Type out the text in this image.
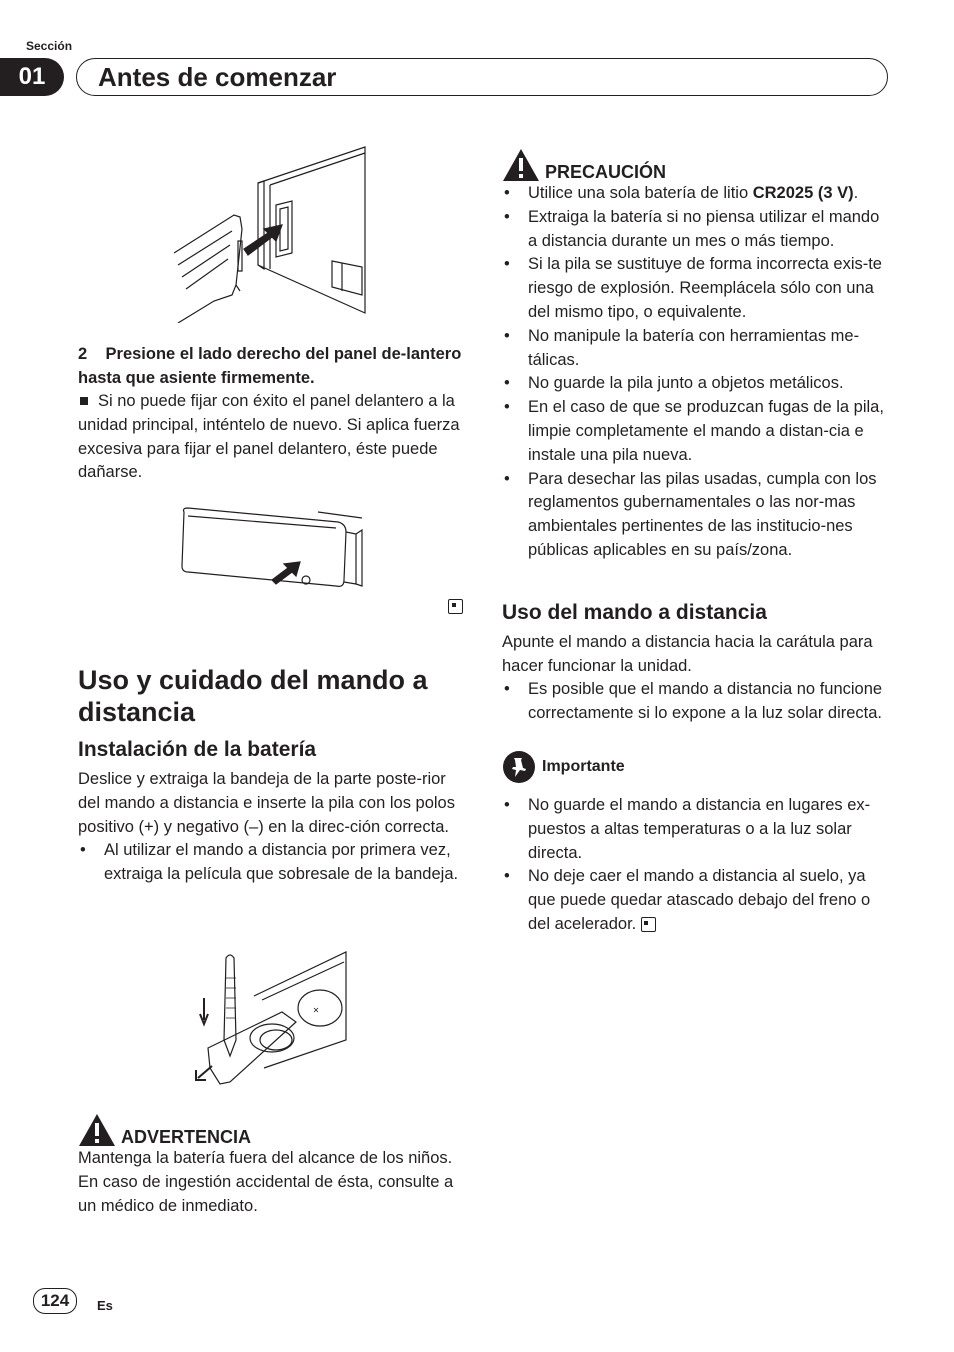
Sección
01	Antes de comenzar

2 Presione el lado derecho del panel de-lantero hasta que asiente firmemente.

Si no puede fijar con éxito el panel delantero a la unidad principal, inténtelo de nuevo. Si aplica fuerza excesiva para fijar el panel delantero, éste puede dañarse.

Uso y cuidado del mando a distancia
Instalación de la batería

Deslice y extraiga la bandeja de la parte poste-rior del mando a distancia e inserte la pila con los polos positivo (+) y negativo (–) en la direc-ción correcta.

• Al utilizar el mando a distancia por primera vez, extraiga la película que sobresale de la bandeja.
ADVERTENCIA

Mantenga la batería fuera del alcance de los niños. En caso de ingestión accidental de ésta, consulte a un médico de inmediato.

PRECAUCIÓN
• Utilice una sola batería de litio CR2025 (3 V).
• Extraiga la batería si no piensa utilizar el mando a distancia durante un mes o más tiempo.
• Si la pila se sustituye de forma incorrecta exis-te riesgo de explosión. Reemplácela sólo con una del mismo tipo, o equivalente.
• No manipule la batería con herramientas me-tálicas.
• No guarde la pila junto a objetos metálicos.
• En el caso de que se produzcan fugas de la pila, limpie completamente el mando a distan-cia e instale una pila nueva.
• Para desechar las pilas usadas, cumpla con los reglamentos gubernamentales o las nor-mas ambientales pertinentes de las institucio-nes públicas aplicables en su país/zona.
Uso del mando a distancia

Apunte el mando a distancia hacia la carátula para hacer funcionar la unidad.

• Es posible que el mando a distancia no funcione correctamente si lo expone a la luz solar directa.
Importante
• No guarde el mando a distancia en lugares ex-puestos a altas temperaturas o a la luz solar directa.
• No deje caer el mando a distancia al suelo, ya que puede quedar atascado debajo del freno o del acelerador.
124	Es
